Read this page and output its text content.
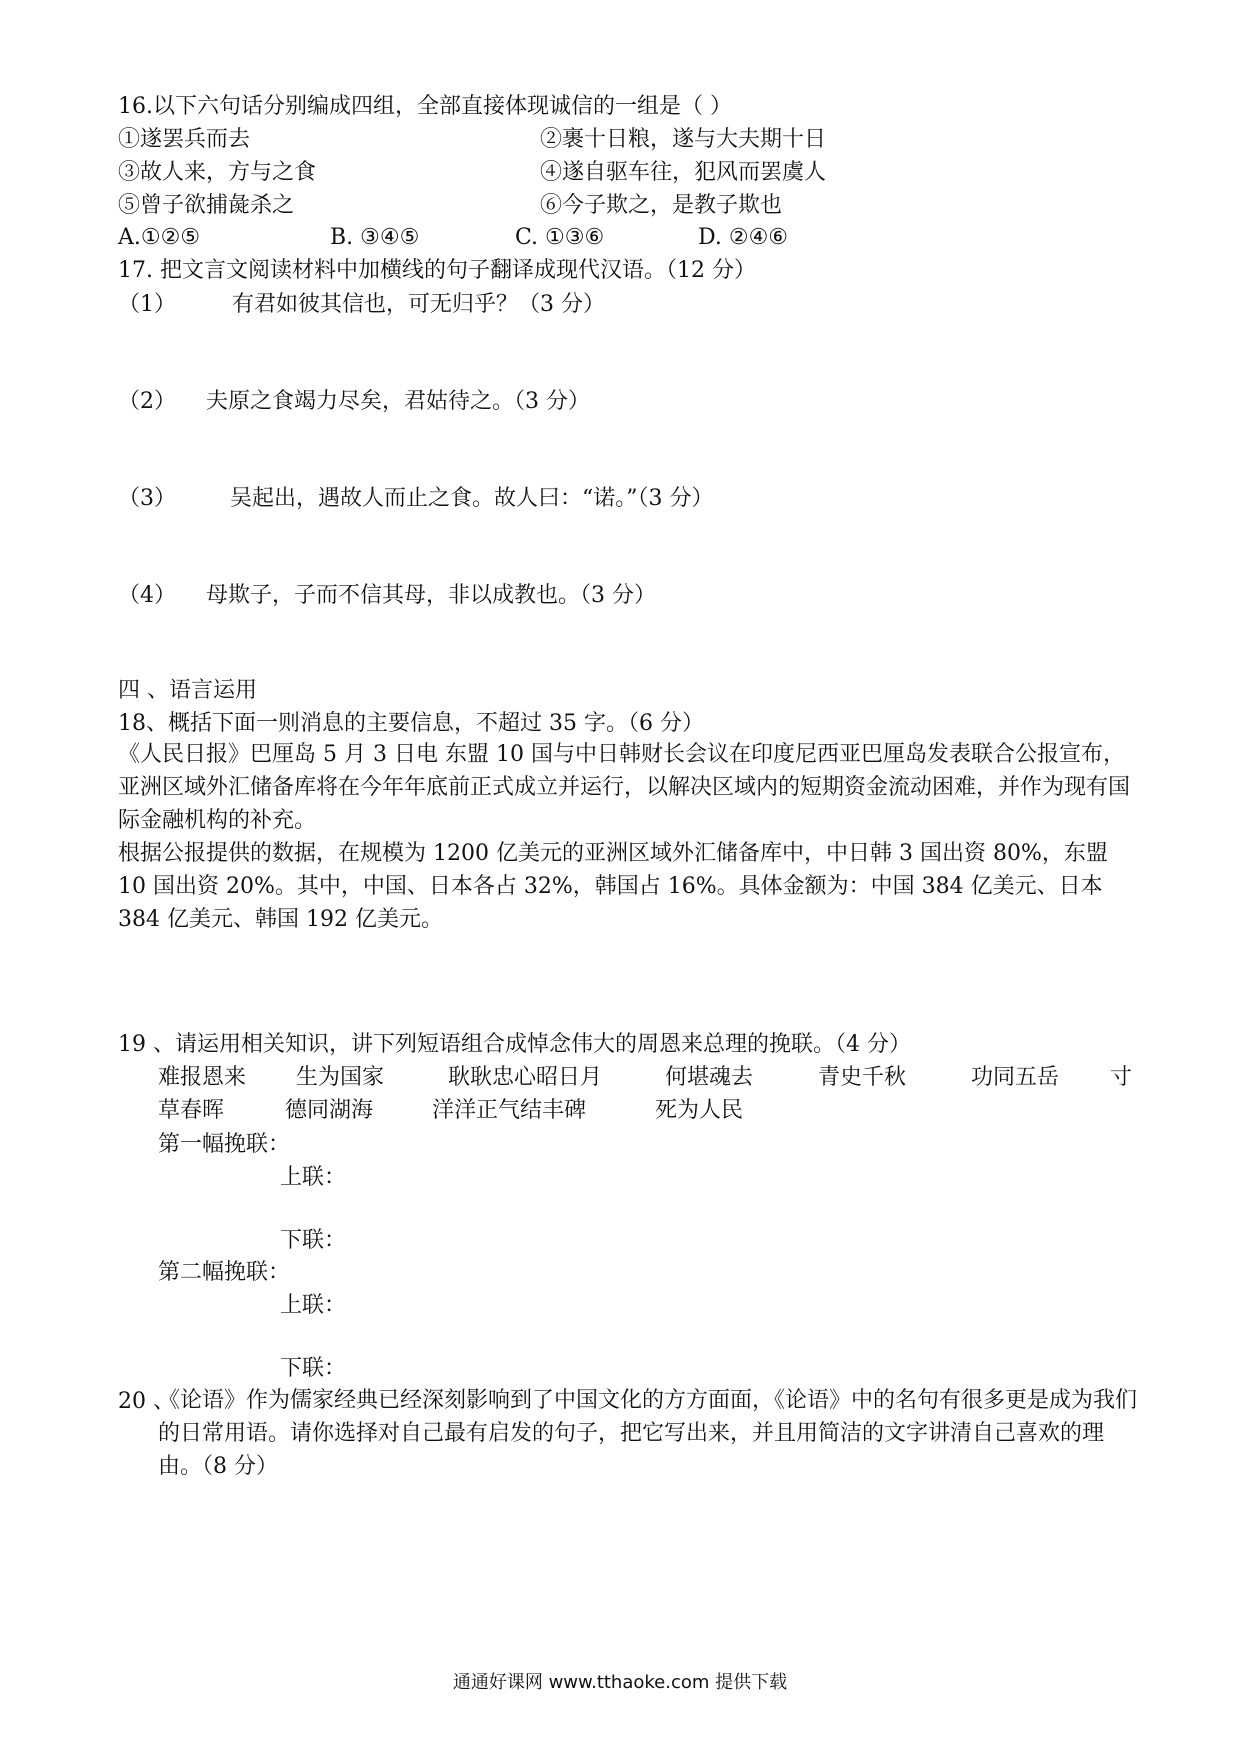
16.以下六句话分别编成四组，全部直接体现诚信的一组是（ ）
①遂罢兵而去	②裹十日粮，遂与大夫期十日
③故人来，方与之食	④遂自驱车往，犯风而罢虞人
⑤曾子欲捕彘杀之	⑥今子欺之，是教子欺也
A.①②⑤	B. ③④⑤	C. ①③⑥	D. ②④⑥
17. 把文言文阅读材料中加横线的句子翻译成现代汉语。（12 分）
（1）	有君如彼其信也，可无归乎？（3 分）
（2） 夫原之食竭力尽矣，君姑待之。（3 分）
（3） 吴起出，遇故人而止之食。故人曰：“诺。”（3 分）
（4） 母欺子，子而不信其母，非以成教也。（3 分）
四 、语言运用
18、概括下面一则消息的主要信息，不超过 35 字。（6 分）
《人民日报》巴厘岛 5 月 3 日电 东盟 10 国与中日韩财长会议在印度尼西亚巴厘岛发表联合公报宣布，亚洲区域外汇储备库将在今年年底前正式成立并运行，以解决区域内的短期资金流动困难，并作为现有国际金融机构的补充。
根据公报提供的数据，在规模为 1200 亿美元的亚洲区域外汇储备库中，中日韩 3 国出资 80%，东盟 10 国出资 20%。其中，中国、日本各占 32%，韩国占 16%。具体金额为：中国 384 亿美元、日本 384 亿美元、韩国 192 亿美元。
19 、请运用相关知识，讲下列短语组合成悼念伟大的周恩来总理的挽联。（4 分）
难报恩来 生为国家	耿耿忠心昭日月	何堪魂去	青史千秋	功同五岳 寸
草春晖	德同湖海	洋洋正气结丰碑	死为人民
第一幅挽联：
上联：
下联：
第二幅挽联：
上联：
下联：
20 、
《论语》作为儒家经典已经深刻影响到了中国文化的方方面面，《论语》中的名句有很多更是成为我们的日常用语。请你选择对自己最有启发的句子，把它写出来，并且用简洁的文字讲清自己喜欢的理由。（8 分）
通通好课网 www.tthaoke.com 提供下载
